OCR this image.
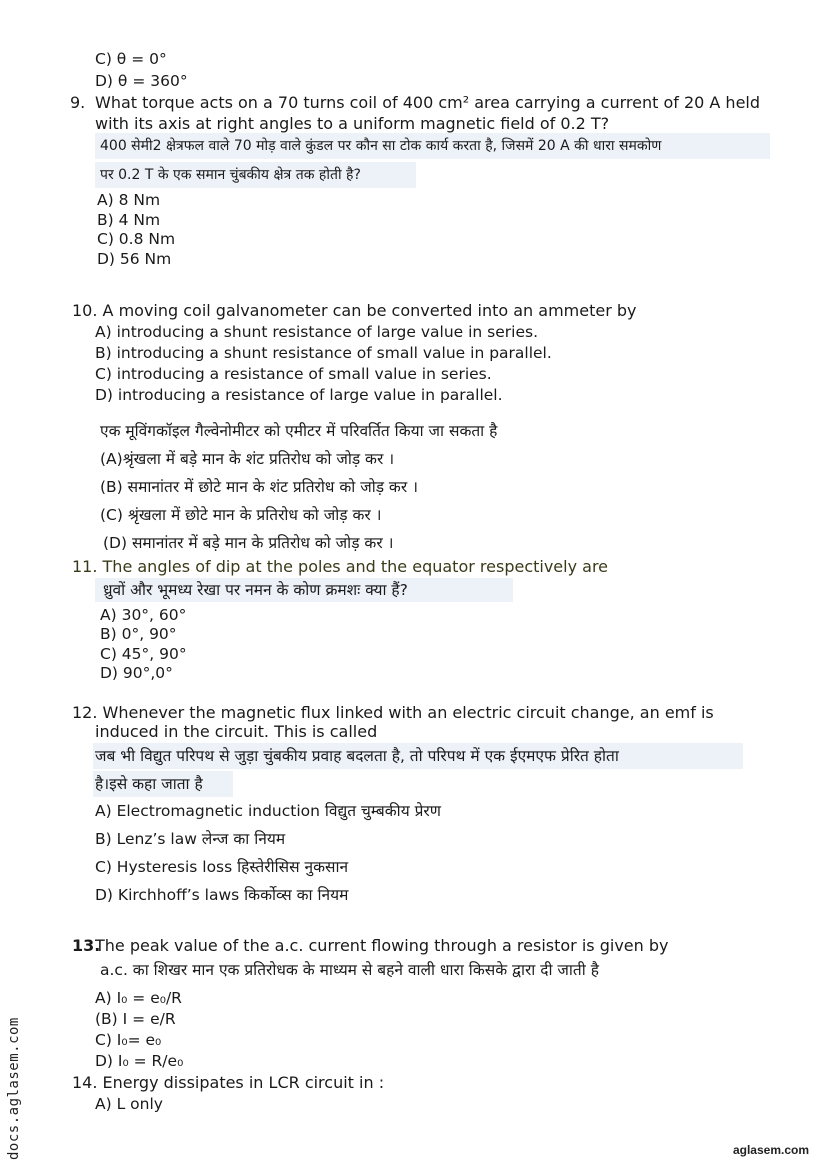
C) θ = 0°
D) θ = 360°
9. What torque acts on a 70 turns coil of 400 cm² area carrying a current of 20 A held
with its axis at right angles to a uniform magnetic field of 0.2 T?
400 सेमी2 क्षेत्रफल वाले 70 मोड़ वाले कुंडल पर कौन सा टोक कार्य करता है, जिसमें 20 A की धारा समकोण
पर 0.2 T के एक समान चुंबकीय क्षेत्र तक होती है?
A) 8 Nm
B) 4 Nm
C) 0.8 Nm
D) 56 Nm
10. A moving coil galvanometer can be converted into an ammeter by
A) introducing a shunt resistance of large value in series.
B) introducing a shunt resistance of small value in parallel.
C) introducing a resistance of small value in series.
D) introducing a resistance of large value in parallel.
एक मूविंगकॉइल गैल्वेनोमीटर को एमीटर में परिवर्तित किया जा सकता है
(A)श्रृंखला में बड़े मान के शंट प्रतिरोध को जोड़ कर ।
(B) समानांतर में छोटे मान के शंट प्रतिरोध को जोड़ कर ।
(C) श्रृंखला में छोटे मान के प्रतिरोध को जोड़ कर ।
(D) समानांतर में बड़े मान के प्रतिरोध को जोड़ कर ।
11. The angles of dip at the poles and the equator respectively are
ध्रुवों और भूमध्य रेखा पर नमन के कोण क्रमशः क्या हैं?
A) 30°, 60°
B) 0°, 90°
C) 45°, 90°
D) 90°,0°
12. Whenever the magnetic flux linked with an electric circuit change, an emf is
induced in the circuit. This is called
जब भी विद्युत परिपथ से जुड़ा चुंबकीय प्रवाह बदलता है, तो परिपथ में एक ईएमएफ प्रेरित होता
है।इसे कहा जाता है
A) Electromagnetic induction विद्युत चुम्बकीय प्रेरण
B) Lenz’s law लेन्ज का नियम
C) Hysteresis loss हिस्तेरीसिस नुकसान
D) Kirchhoff’s laws किर्कोव्स का नियम
13.
The peak value of the a.c. current flowing through a resistor is given by
a.c. का शिखर मान एक प्रतिरोधक के माध्यम से बहने वाली धारा किसके द्वारा दी जाती है
A) I₀ = e₀/R
(B) I = e/R
C) I₀= e₀
D) I₀ = R/e₀
14. Energy dissipates in LCR circuit in :
A) L only
docs.aglasem.com	aglasem.com
